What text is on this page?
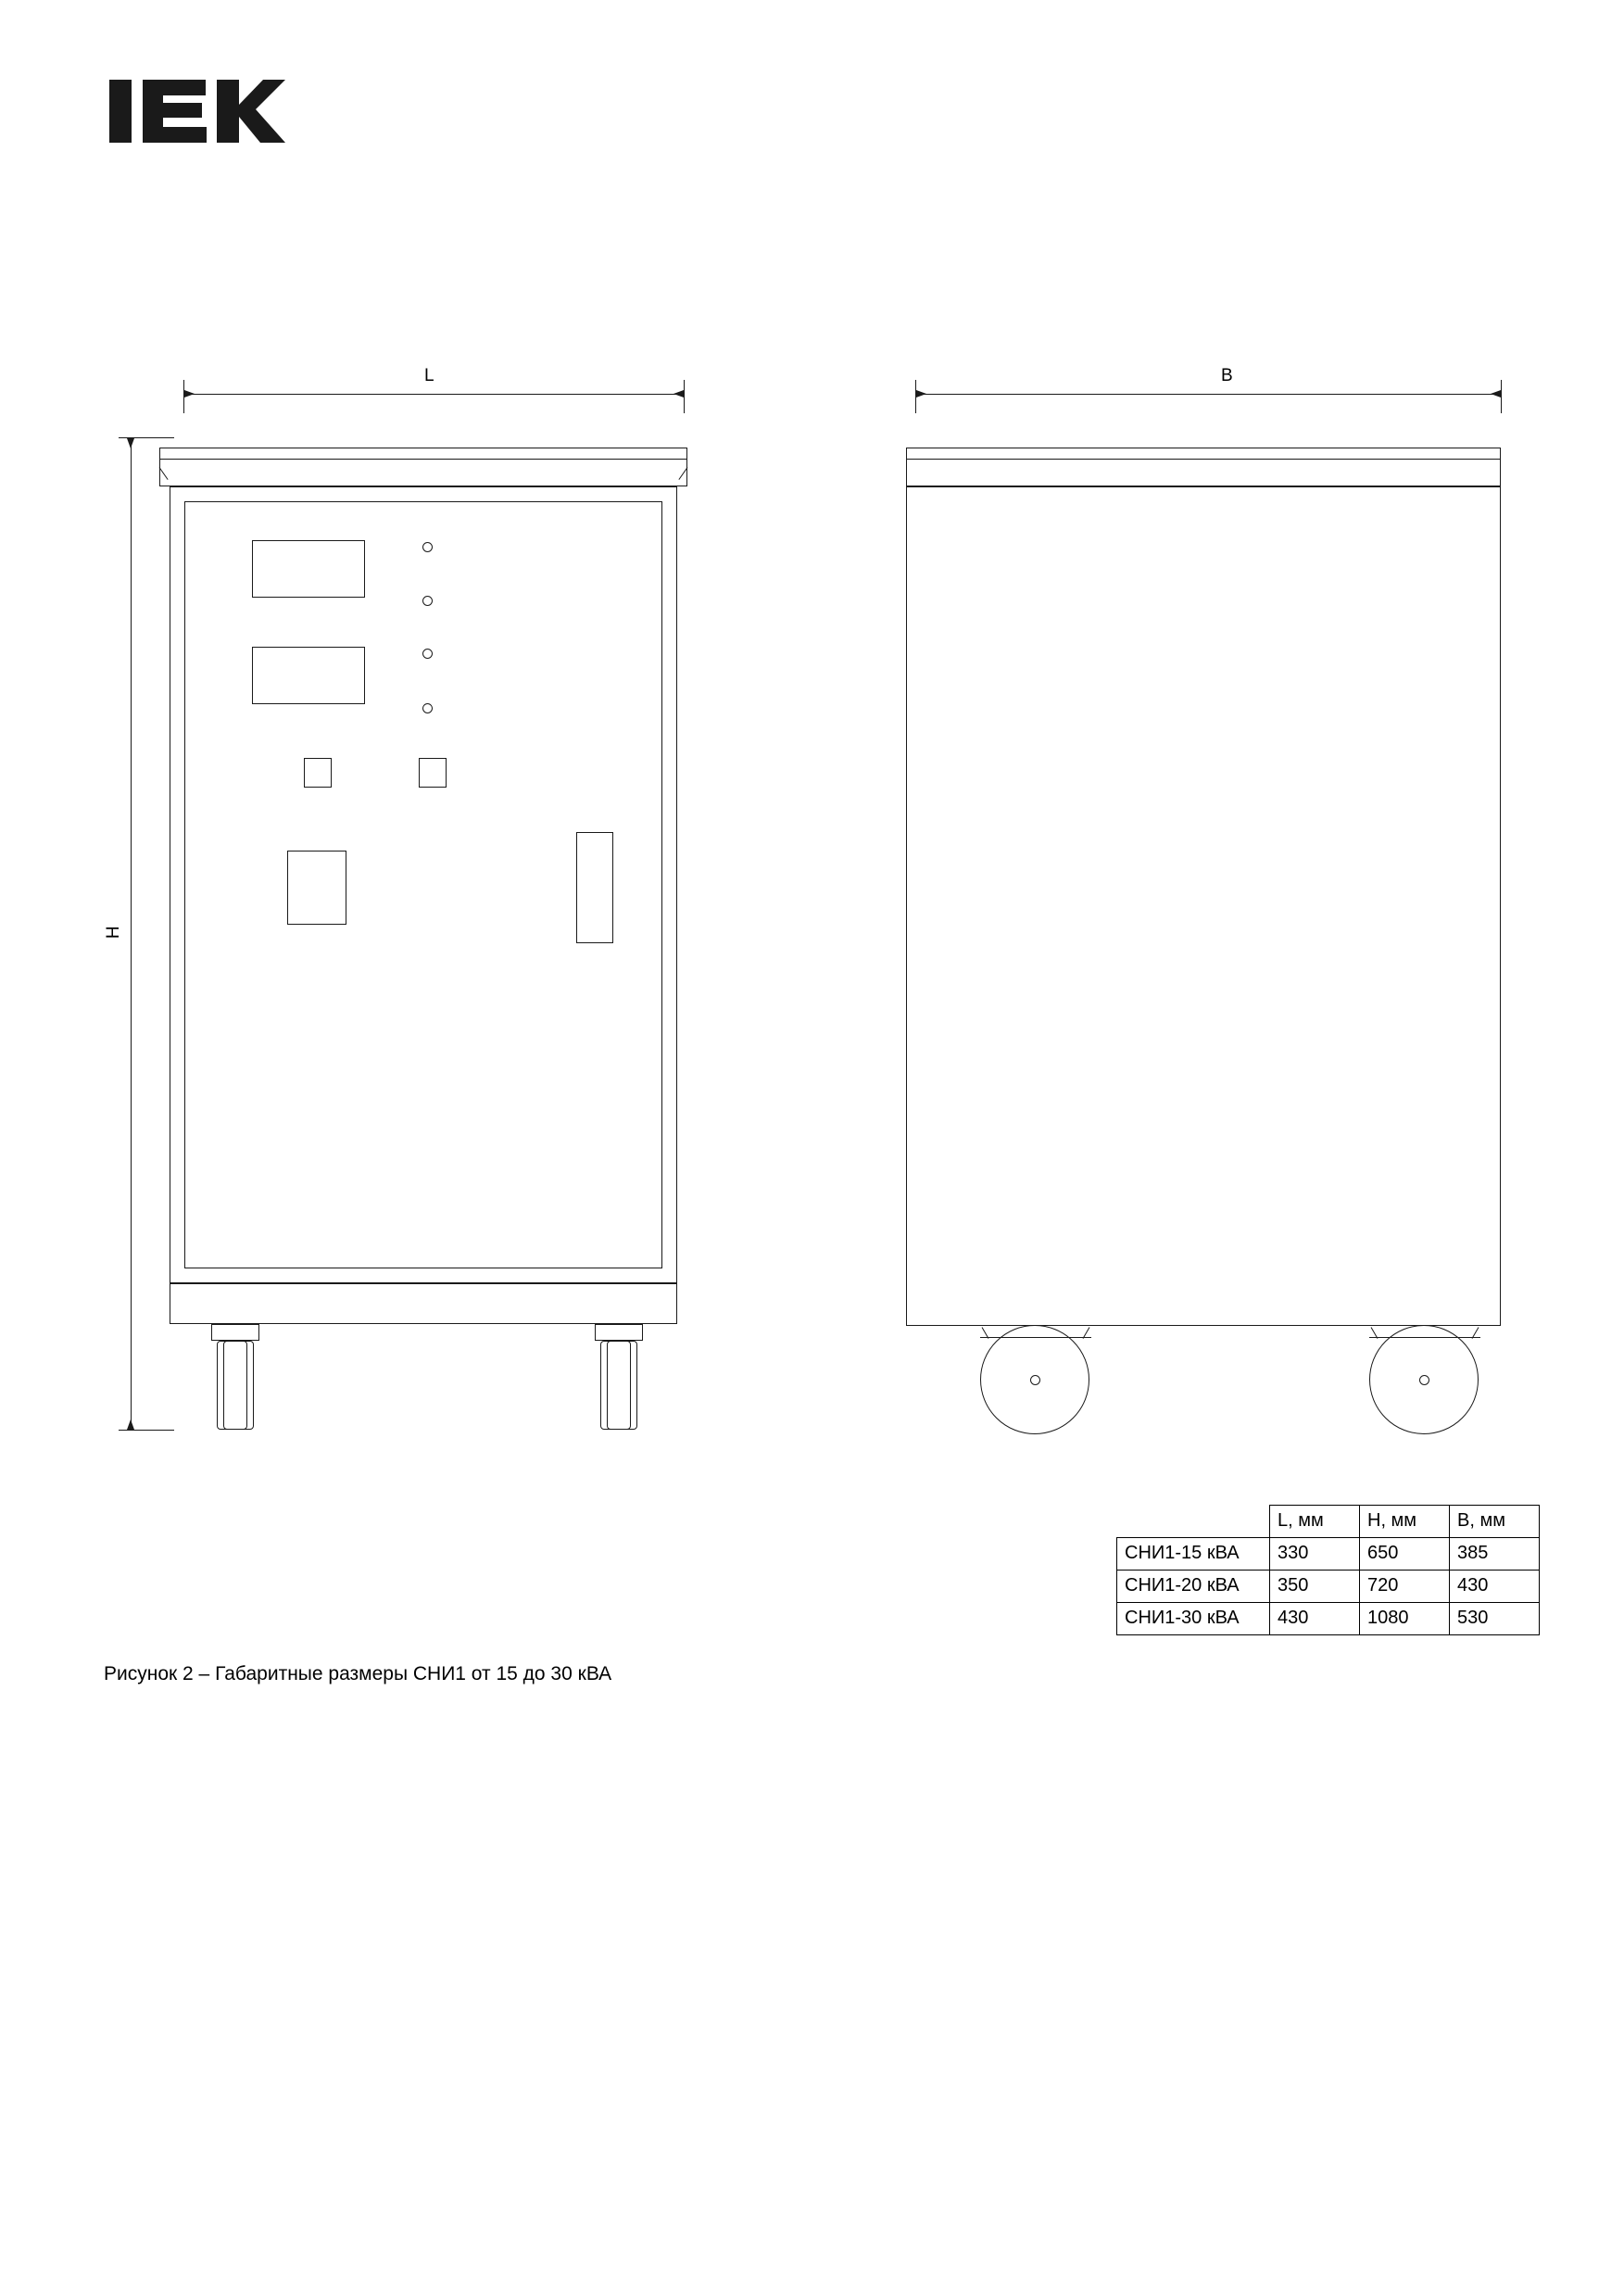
L
H
B
Рисунок 2 – Габаритные размеры СНИ1 от 15 до 30 кВА
	L, мм	H, мм	B, мм
СНИ1-15 кВА	330	650	385
СНИ1-20 кВА	350	720	430
СНИ1-30 кВА	430	1080	530
